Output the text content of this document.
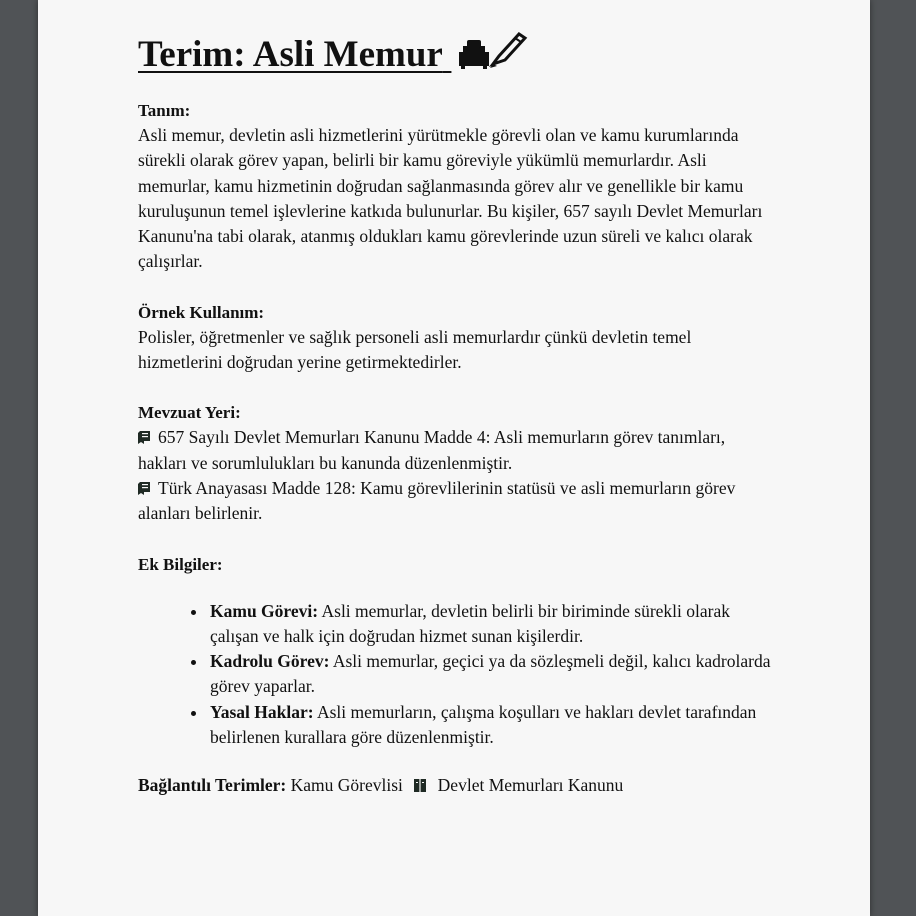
Terim: Asli Memur
Tanım:
Asli memur, devletin asli hizmetlerini yürütmekle görevli olan ve kamu kurumlarında sürekli olarak görev yapan, belirli bir kamu göreviyle yükümlü memurlardır. Asli memurlar, kamu hizmetinin doğrudan sağlanmasında görev alır ve genellikle bir kamu kuruluşunun temel işlevlerine katkıda bulunurlar. Bu kişiler, 657 sayılı Devlet Memurları Kanunu'na tabi olarak, atanmış oldukları kamu görevlerinde uzun süreli ve kalıcı olarak çalışırlar.
Örnek Kullanım:
Polisler, öğretmenler ve sağlık personeli asli memurlardır çünkü devletin temel hizmetlerini doğrudan yerine getirmektedirler.
Mevzuat Yeri:
657 Sayılı Devlet Memurları Kanunu Madde 4: Asli memurların görev tanımları, hakları ve sorumlulukları bu kanunda düzenlenmiştir.
Türk Anayasası Madde 128: Kamu görevlilerinin statüsü ve asli memurların görev alanları belirlenir.
Ek Bilgiler:
• Kamu Görevi: Asli memurlar, devletin belirli bir biriminde sürekli olarak çalışan ve halk için doğrudan hizmet sunan kişilerdir.
• Kadrolu Görev: Asli memurlar, geçici ya da sözleşmeli değil, kalıcı kadrolarda görev yaparlar.
• Yasal Haklar: Asli memurların, çalışma koşulları ve hakları devlet tarafından belirlenen kurallara göre düzenlenmiştir.
Bağlantılı Terimler: Kamu Görevlisi Devlet Memurları Kanunu
